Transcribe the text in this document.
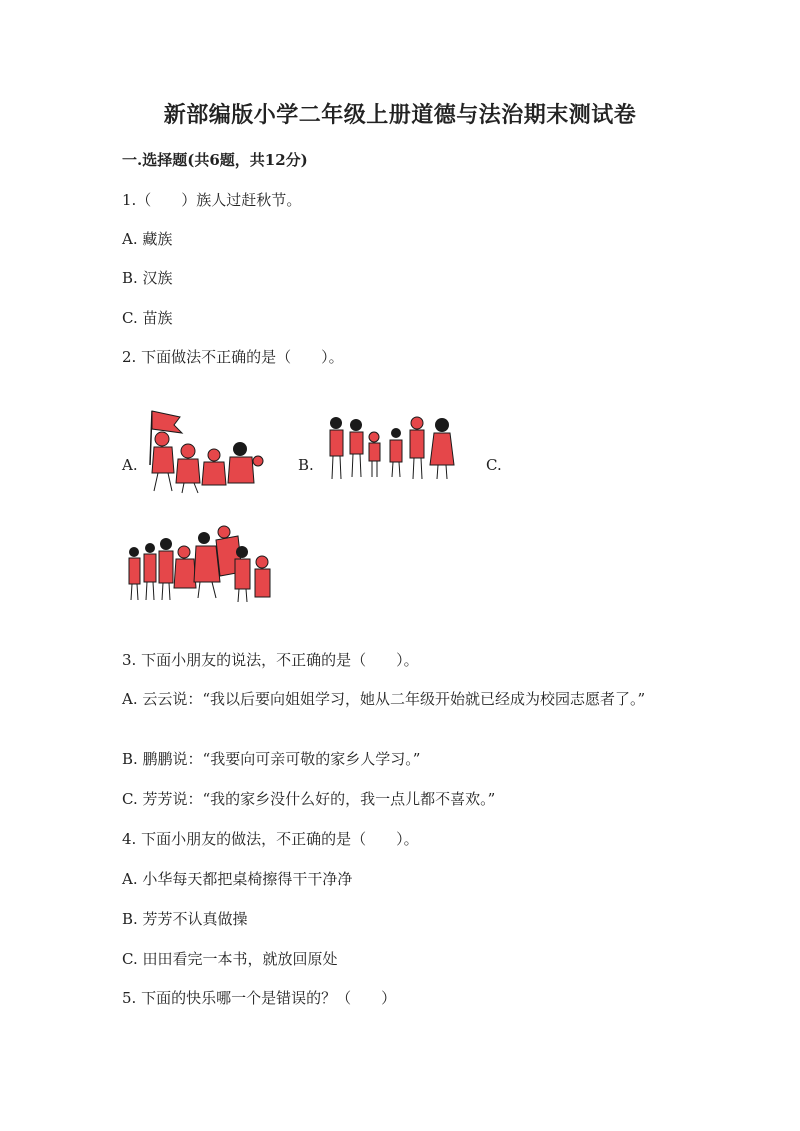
新部编版小学二年级上册道德与法治期末测试卷
一.选择题(共6题，共12分)
1.（　　）族人过赶秋节。
A. 藏族
B. 汉族
C. 苗族
2. 下面做法不正确的是（　　）。
A.	B.	C.
3. 下面小朋友的说法，不正确的是（　　）。
A. 云云说：“我以后要向姐姐学习，她从二年级开始就已经成为校园志愿者了。”
B. 鹏鹏说：“我要向可亲可敬的家乡人学习。”
C. 芳芳说：“我的家乡没什么好的，我一点儿都不喜欢。”
4. 下面小朋友的做法，不正确的是（　　）。
A. 小华每天都把桌椅擦得干干净净
B. 芳芳不认真做操
C. 田田看完一本书，就放回原处
5. 下面的快乐哪一个是错误的？（　　）
